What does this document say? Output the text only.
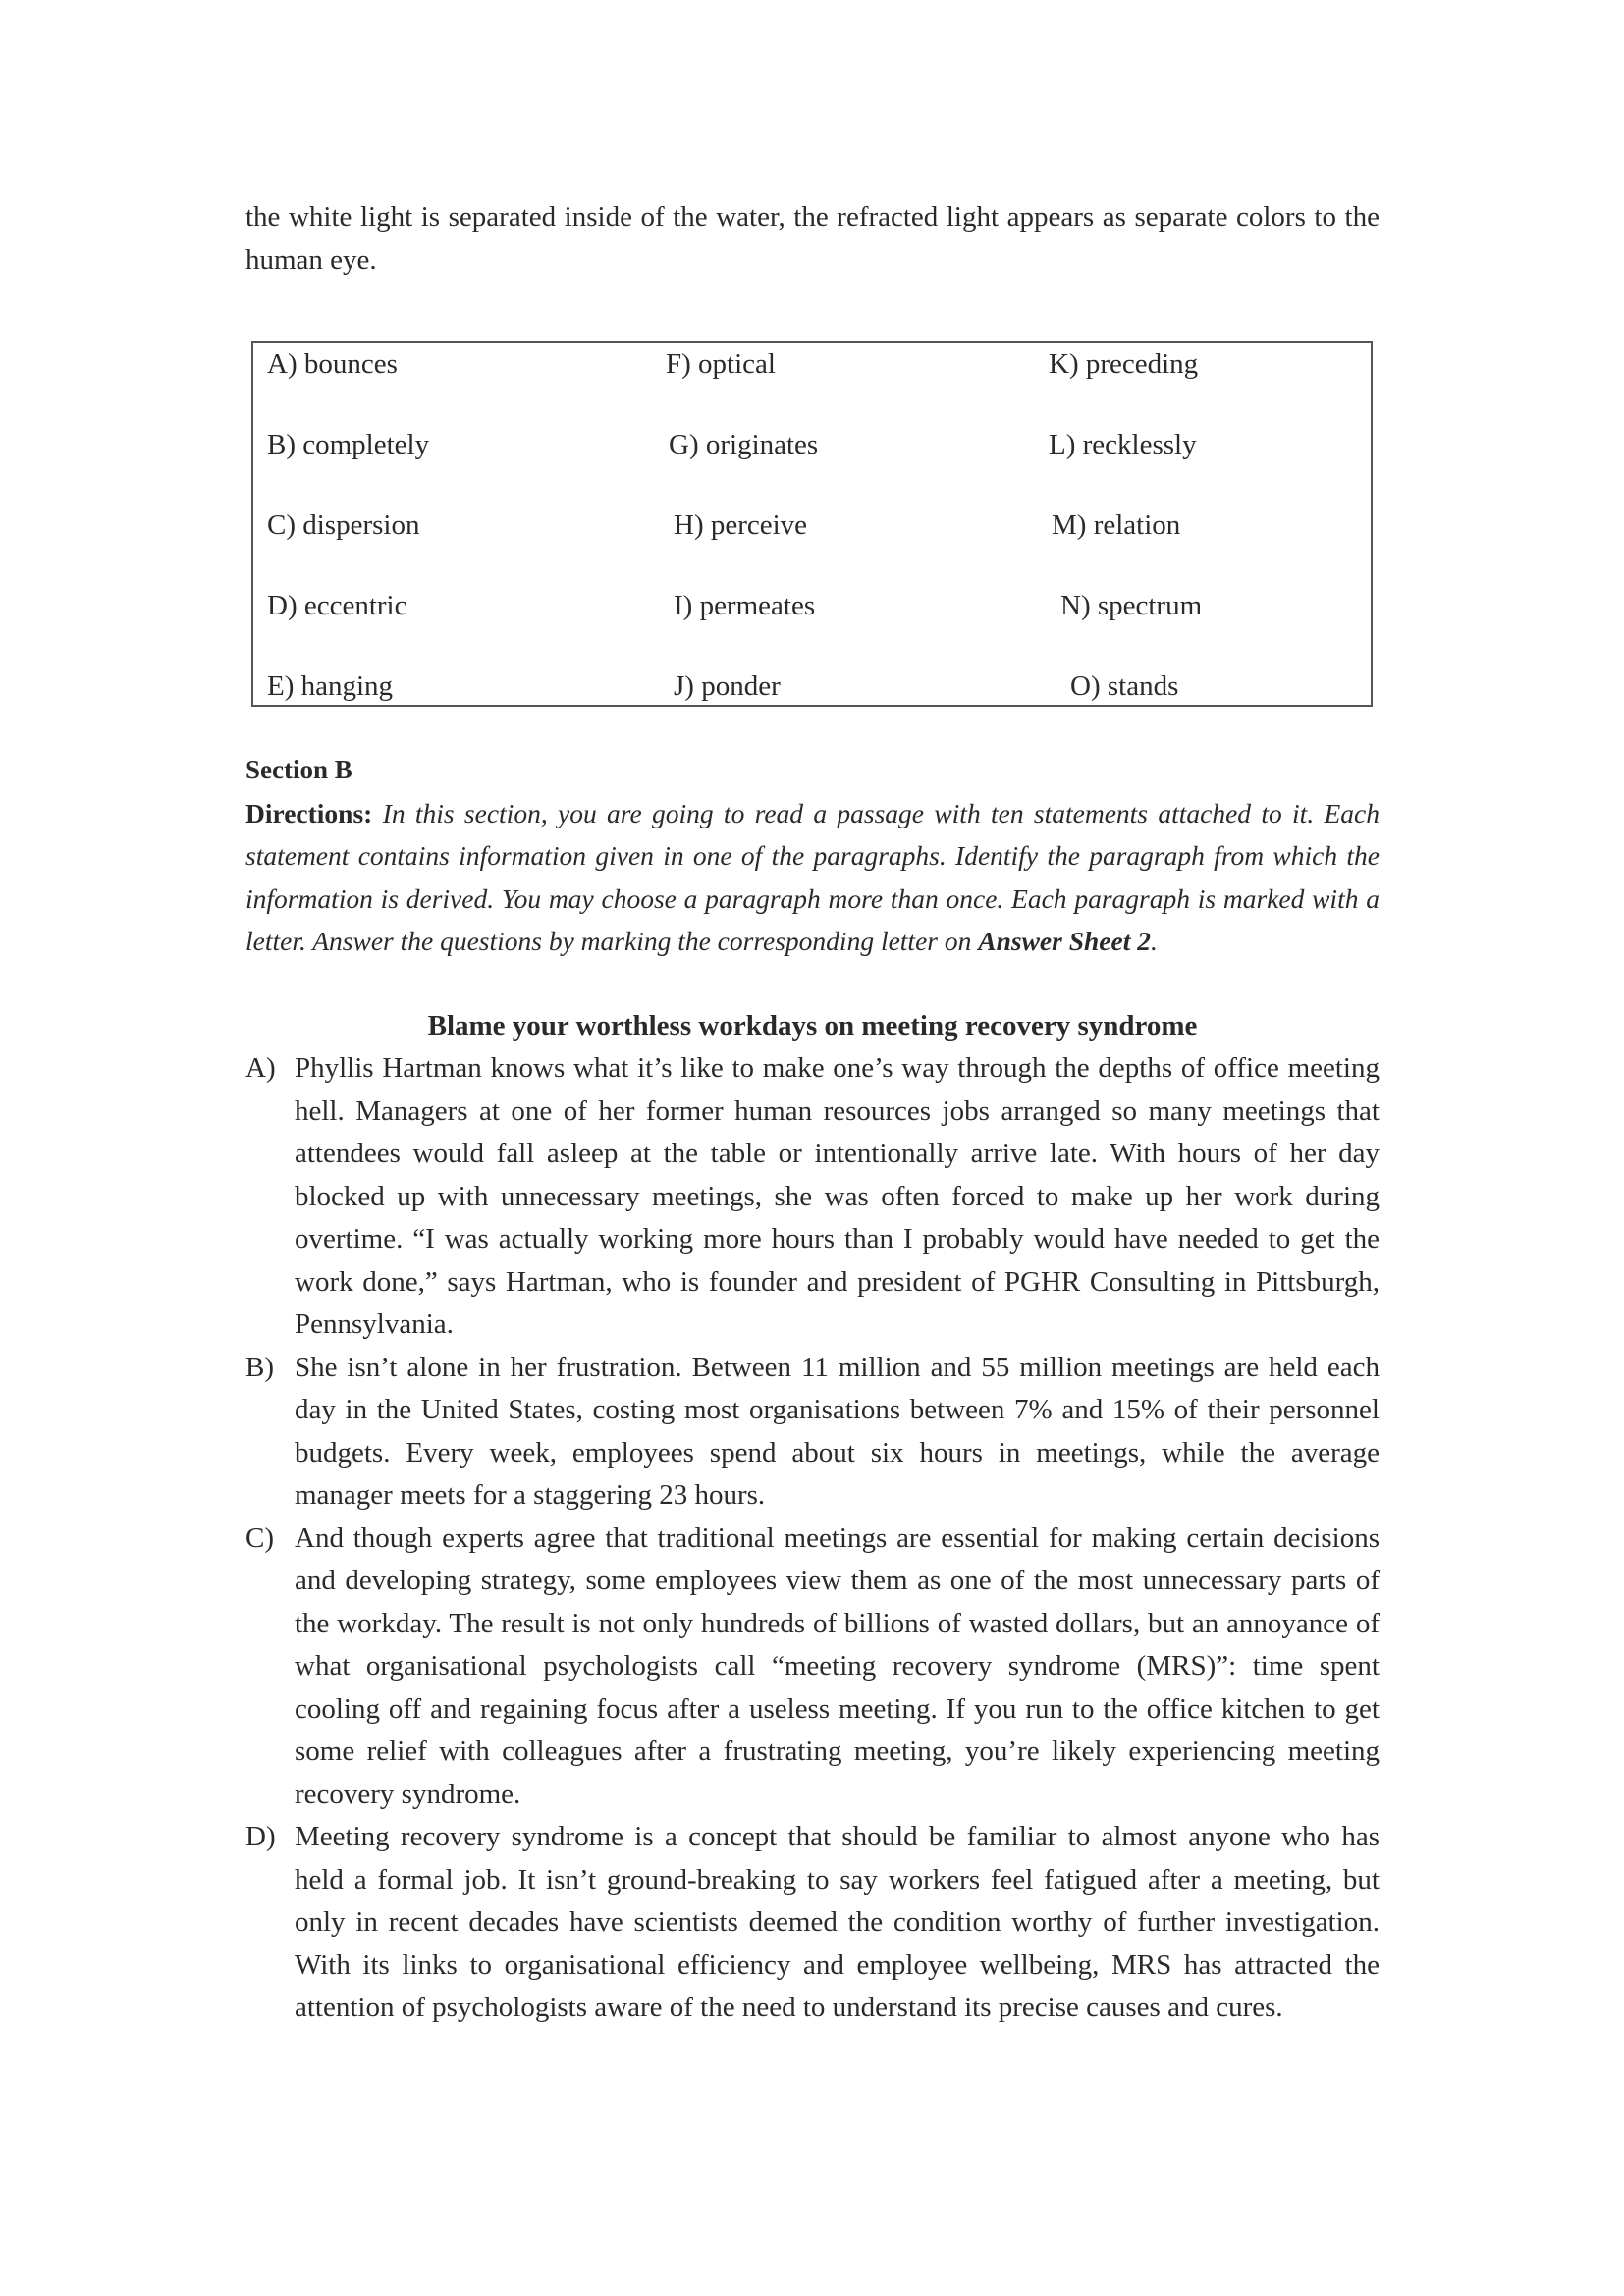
the white light is separated inside of the water, the refracted light appears as separate colors to the human eye.

A) bounces	F) optical	K) preceding
B) completely	G) originates	L) recklessly
C) dispersion	H) perceive	M) relation
D) eccentric	I) permeates	N) spectrum
E) hanging	J) ponder	O) stands

Section B

Directions: In this section, you are going to read a passage with ten statements attached to it. Each statement contains information given in one of the paragraphs. Identify the paragraph from which the information is derived. You may choose a paragraph more than once. Each paragraph is marked with a letter. Answer the questions by marking the corresponding letter on Answer Sheet 2.

Blame your worthless workdays on meeting recovery syndrome

A) Phyllis Hartman knows what it’s like to make one’s way through the depths of office meeting hell. Managers at one of her former human resources jobs arranged so many meetings that attendees would fall asleep at the table or intentionally arrive late. With hours of her day blocked up with unnecessary meetings, she was often forced to make up her work during overtime. “I was actually working more hours than I probably would have needed to get the work done,” says Hartman, who is founder and president of PGHR Consulting in Pittsburgh, Pennsylvania.
B) She isn’t alone in her frustration. Between 11 million and 55 million meetings are held each day in the United States, costing most organisations between 7% and 15% of their personnel budgets. Every week, employees spend about six hours in meetings, while the average manager meets for a staggering 23 hours.
C) And though experts agree that traditional meetings are essential for making certain decisions and developing strategy, some employees view them as one of the most unnecessary parts of the workday. The result is not only hundreds of billions of wasted dollars, but an annoyance of what organisational psychologists call “meeting recovery syndrome (MRS)”: time spent cooling off and regaining focus after a useless meeting. If you run to the office kitchen to get some relief with colleagues after a frustrating meeting, you’re likely experiencing meeting recovery syndrome.
D) Meeting recovery syndrome is a concept that should be familiar to almost anyone who has held a formal job. It isn’t ground-breaking to say workers feel fatigued after a meeting, but only in recent decades have scientists deemed the condition worthy of further investigation. With its links to organisational efficiency and employee wellbeing, MRS has attracted the attention of psychologists aware of the need to understand its precise causes and cures.
